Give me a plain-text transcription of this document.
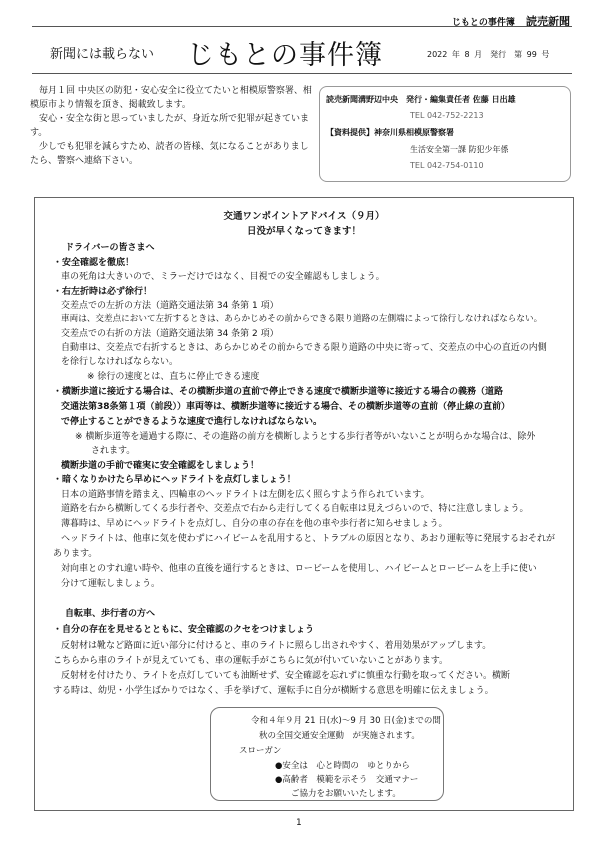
じもとの事件簿 読売新聞
新聞には載らない じもとの事件簿	2022 年 8 月　発行　第 99 号

毎月１回 中央区の防犯・安心安全に役立てたいと相模原警察署、相模原市より情報を頂き、掲載致します。

安心・安全な街と思っていましたが、身近な所で犯罪が起きています。

少しでも犯罪を減らすため、読者の皆様、気になることがありましたら、警察へ連絡下さい。

読売新聞溝野辺中央　発行・編集責任者 佐藤 日出雄
TEL 042-752-2213
【資料提供】神奈川県相模原警察署
生活安全第一課 防犯少年係
TEL 042-754-0110
交通ワンポイントアドバイス（９月）
日没が早くなってきます！
ドライバーの皆さまへ
・安全確認を徹底！
車の死角は大きいので、ミラーだけではなく、目視での安全確認もしましょう。
・右左折時は必ず徐行！
交差点での左折の方法（道路交通法第 34 条第 1 項）
車両は、交差点において左折するときは、あらかじめその前からできる限り道路の左側端によって徐行しなければならない。
交差点での右折の方法（道路交通法第 34 条第 2 項）
自動車は、交差点で右折するときは、あらかじめその前からできる限り道路の中央に寄って、交差点の中心の直近の内側
を徐行しなければならない。
※ 徐行の速度とは、直ちに停止できる速度
・横断歩道に接近する場合は、その横断歩道の直前で停止できる速度で横断歩道等に接近する場合の義務（道路
交通法第38条第１項（前段））車両等は、横断歩道等に接近する場合、その横断歩道等の直前（停止線の直前）
で停止することができるような速度で進行しなければならない。
※ 横断歩道等を通過する際に、その進路の前方を横断しようとする歩行者等がいないことが明らかな場合は、除外
されます。
横断歩道の手前で確実に安全確認をしましょう！
・暗くなりかけたら早めにヘッドライトを点灯しましょう！
日本の道路事情を踏まえ、四輪車のヘッドライトは左側を広く照らすよう作られています。
道路を右から横断してくる歩行者や、交差点で右から走行してくる自転車は見えづらいので、特に注意しましょう。
薄暮時は、早めにヘッドライトを点灯し、自分の車の存在を他の車や歩行者に知らせましょう。
ヘッドライトは、他車に気を使わずにハイビームを乱用すると、トラブルの原因となり、あおり運転等に発展するおそれが
あります。
対向車とのすれ違い時や、他車の直後を通行するときは、ロービームを使用し、ハイビームとロービームを上手に使い
分けて運転しましょう。
自転車、歩行者の方へ
・自分の存在を見せるとともに、安全確認のクセをつけましょう
反射材は靴など路面に近い部分に付けると、車のライトに照らし出されやすく、着用効果がアップします。
こちらから車のライトが見えていても、車の運転手がこちらに気が付いていないことがあります。
反射材を付けたり、ライトを点灯していても油断せず、安全確認を忘れずに慎重な行動を取ってください。横断
する時は、幼児・小学生ばかりではなく、手を挙げて、運転手に自分が横断する意思を明確に伝えましょう。
令和４年９月 21 日(水)～9 月 30 日(金)までの間
秋の全国交通安全運動　が実施されます。
スローガン
●安全は　心と時間の　ゆとりから
●高齢者　模範を示そう　交通マナー
ご協力をお願いいたします。
1
